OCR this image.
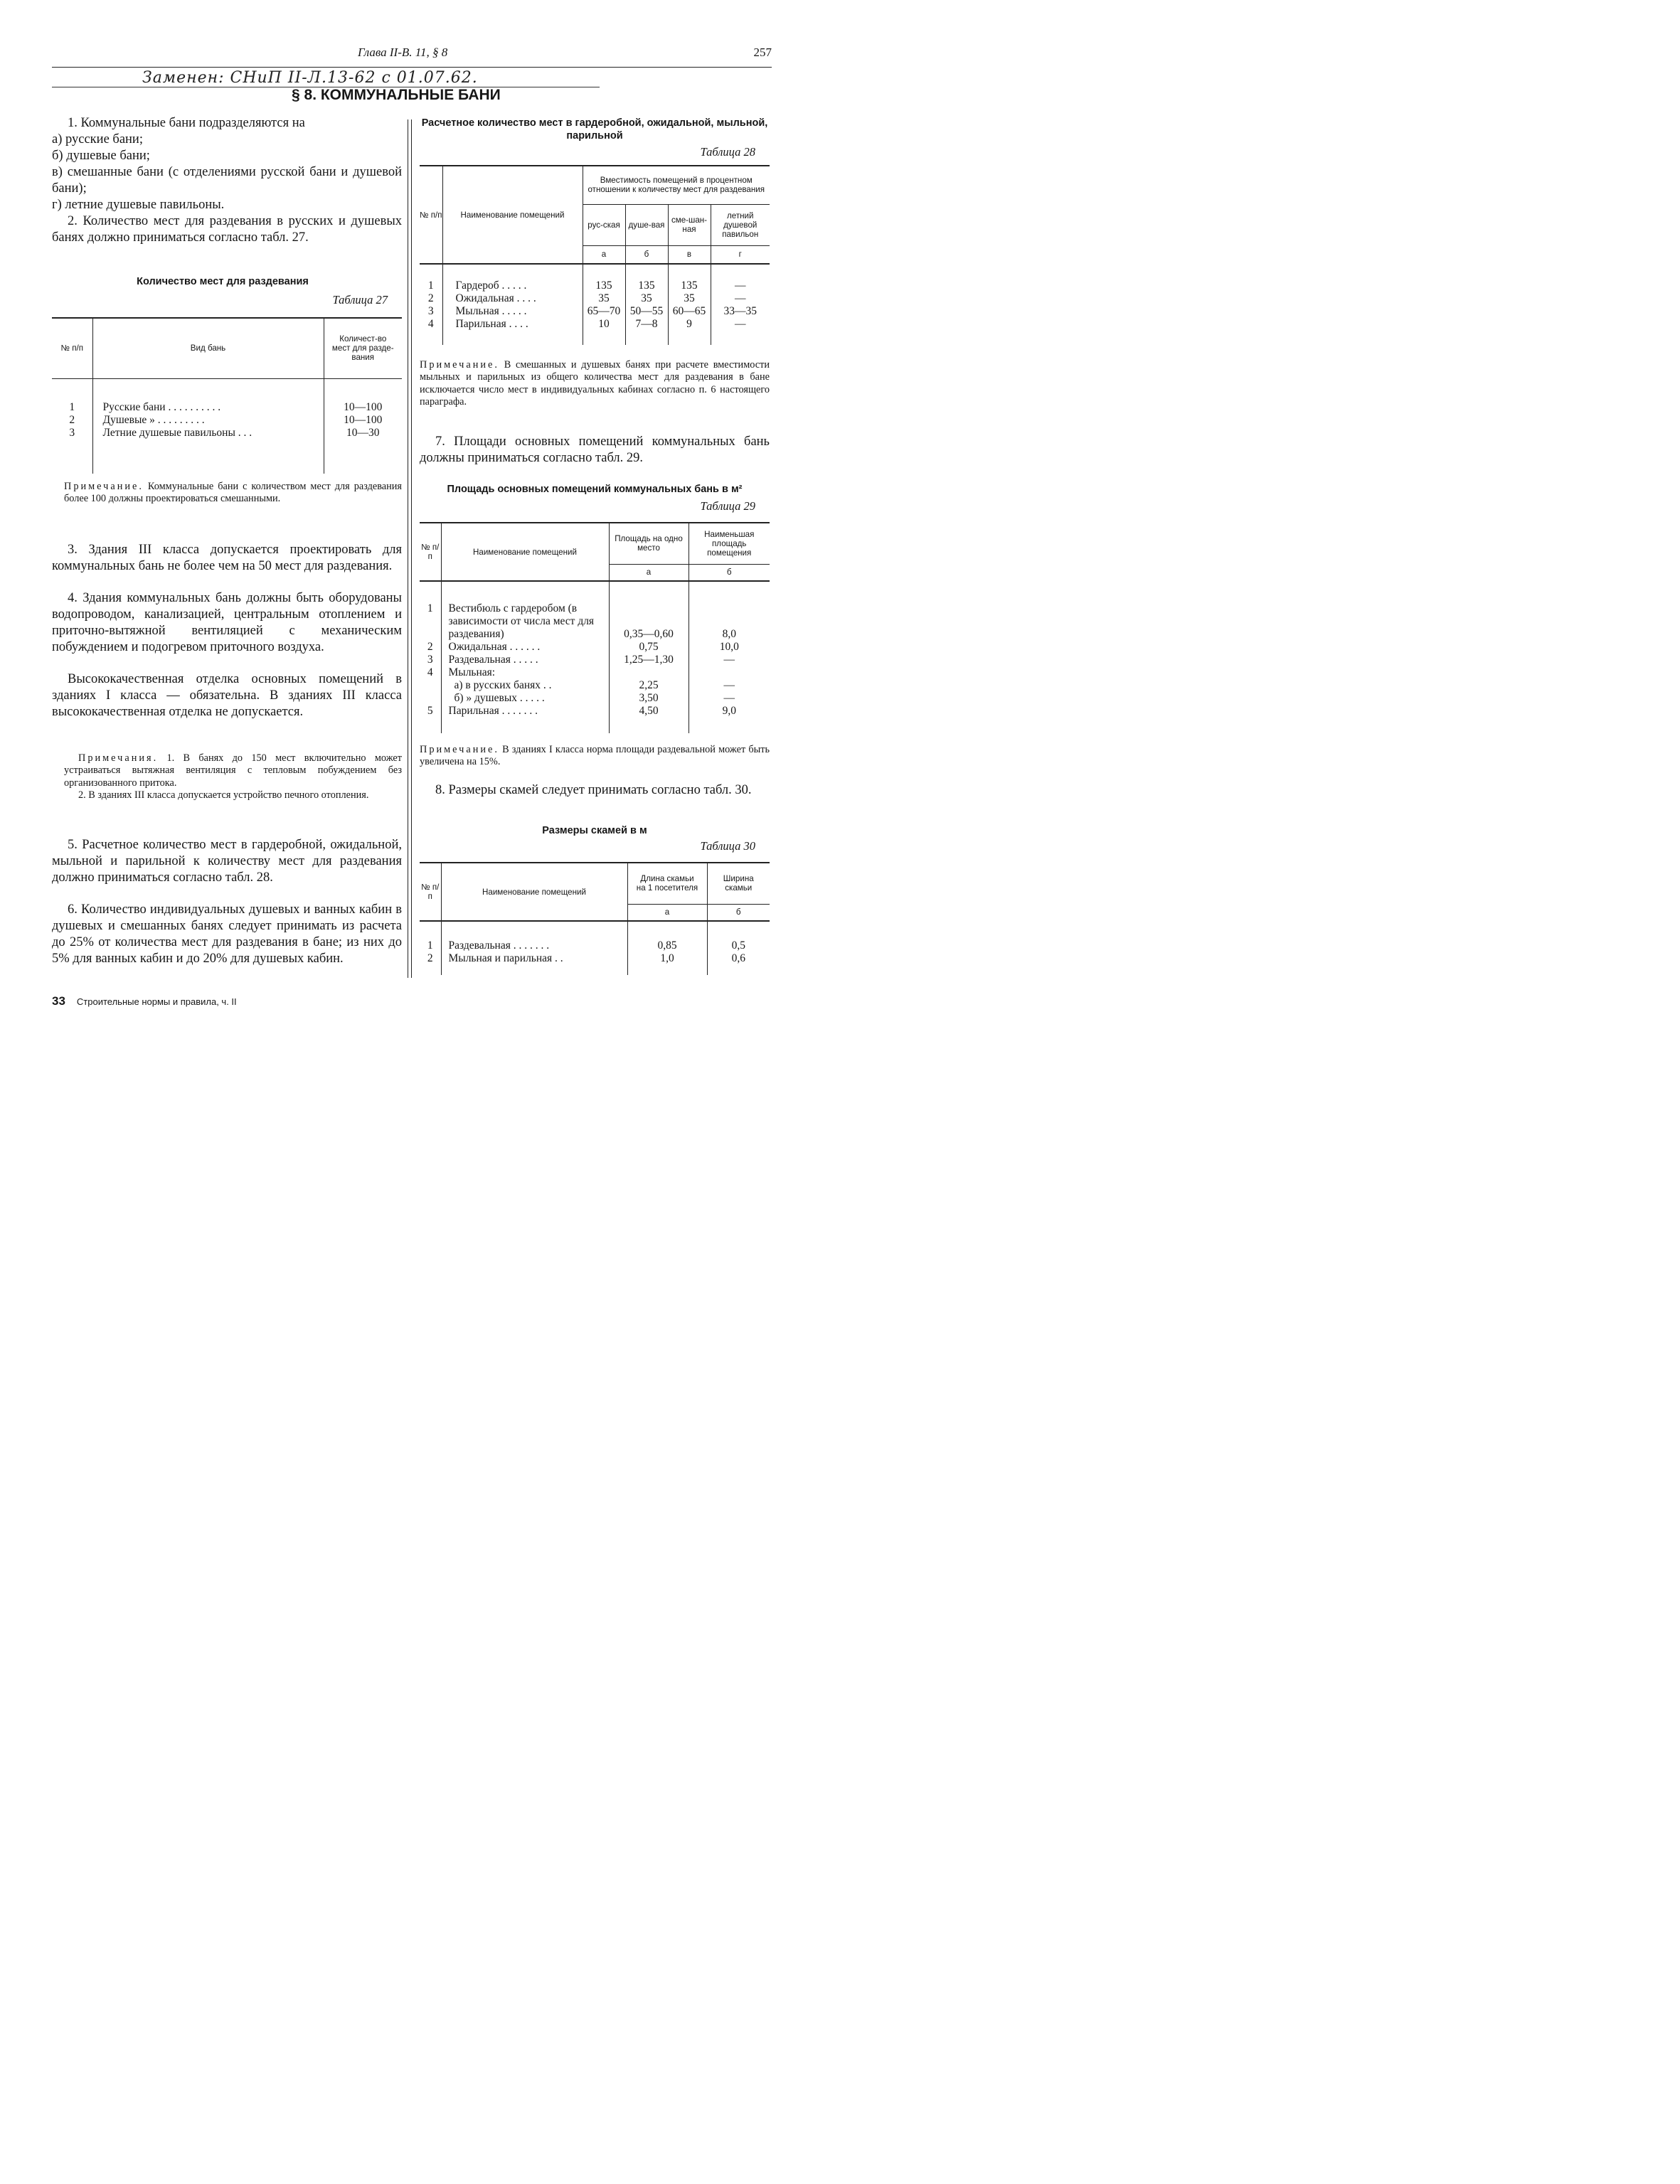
Глава II-В. 11, § 8	257
Заменен: СНиП II-Л.13-62 с 01.07.62.
§ 8. КОММУНАЛЬНЫЕ БАНИ
1. Коммунальные бани подразделяются на
а) русские бани;
б) душевые бани;
в) смешанные бани (с отделениями русской бани и душевой бани);
г) летние душевые павильоны.
2. Количество мест для раздевания в русских и душевых банях должно приниматься согласно табл. 27.
Количество мест для раздевания
Таблица 27
№ п/п	Вид бань	Количест-во мест для разде-вания

1	Русские бани . . . . . . . . . .	10—100
2	Душевые » . . . . . . . . .	10—100
3	Летние душевые павильоны . . .	10—30

Примечание. Коммунальные бани с количеством мест для раздевания более 100 должны проектироваться смешанными.
3. Здания III класса допускается проектировать для коммунальных бань не более чем на 50 мест для раздевания.
4. Здания коммунальных бань должны быть оборудованы водопроводом, канализацией, центральным отоплением и приточно-вытяжной вентиляцией с механическим побуждением и подогревом приточного воздуха.
Высококачественная отделка основных помещений в зданиях I класса — обязательна. В зданиях III класса высококачественная отделка не допускается.
Примечания. 1. В банях до 150 мест включительно может устраиваться вытяжная вентиляция с тепловым побуждением без организованного притока.
2. В зданиях III класса допускается устройство печного отопления.
5. Расчетное количество мест в гардеробной, ожидальной, мыльной и парильной к количеству мест для раздевания должно приниматься согласно табл. 28.
6. Количество индивидуальных душевых и ванных кабин в душевых и смешанных банях следует принимать из расчета до 25% от количества мест для раздевания в бане; из них до 5% для ванных кабин и до 20% для душевых кабин.
Расчетное количество мест в гардеробной, ожидальной, мыльной, парильной
Таблица 28
№ п/п	Наименование помещений	Вместимость помещений в процентном отношении к количеству мест для раздевания			
		рус-ская	душе-вая	сме-шан-ная	летний душевой павильон
		а	б	в	г

1	Гардероб . . . . .	135	135	135	—
2	Ожидальная . . . .	35	35	35	—
3	Мыльная . . . . .	65—70	50—55	60—65	33—35
4	Парильная . . . .	10	7—8	9	—

Примечание. В смешанных и душевых банях при расчете вместимости мыльных и парильных из общего количества мест для раздевания в бане исключается число мест в индивидуальных кабинах согласно п. 6 настоящего параграфа.
7. Площади основных помещений коммунальных бань должны приниматься согласно табл. 29.
Площадь основных помещений коммунальных бань в м²
Таблица 29
№ п/п	Наименование помещений	Площадь на одно место	Наименьшая площадь помещения
		а	б

1	Вестибюль с гардеробом (в зависимости от числа мест для раздевания)	0,35—0,60	8,0
2	Ожидальная . . . . . .	0,75	10,0
3	Раздевальная . . . . .	1,25—1,30	—
4	Мыльная:		
	а) в русских банях . .	2,25	—
	б) » душевых . . . . .	3,50	—
5	Парильная . . . . . . .	4,50	9,0

Примечание. В зданиях I класса норма площади раздевальной может быть увеличена на 15%.
8. Размеры скамей следует принимать согласно табл. 30.
Размеры скамей в м
Таблица 30
№ п/п	Наименование помещений	Длина скамьи на 1 посетителя	Ширина скамьи
		а	б

1	Раздевальная . . . . . . .	0,85	0,5
2	Мыльная и парильная . .	1,0	0,6

33 Строительные нормы и правила, ч. II
